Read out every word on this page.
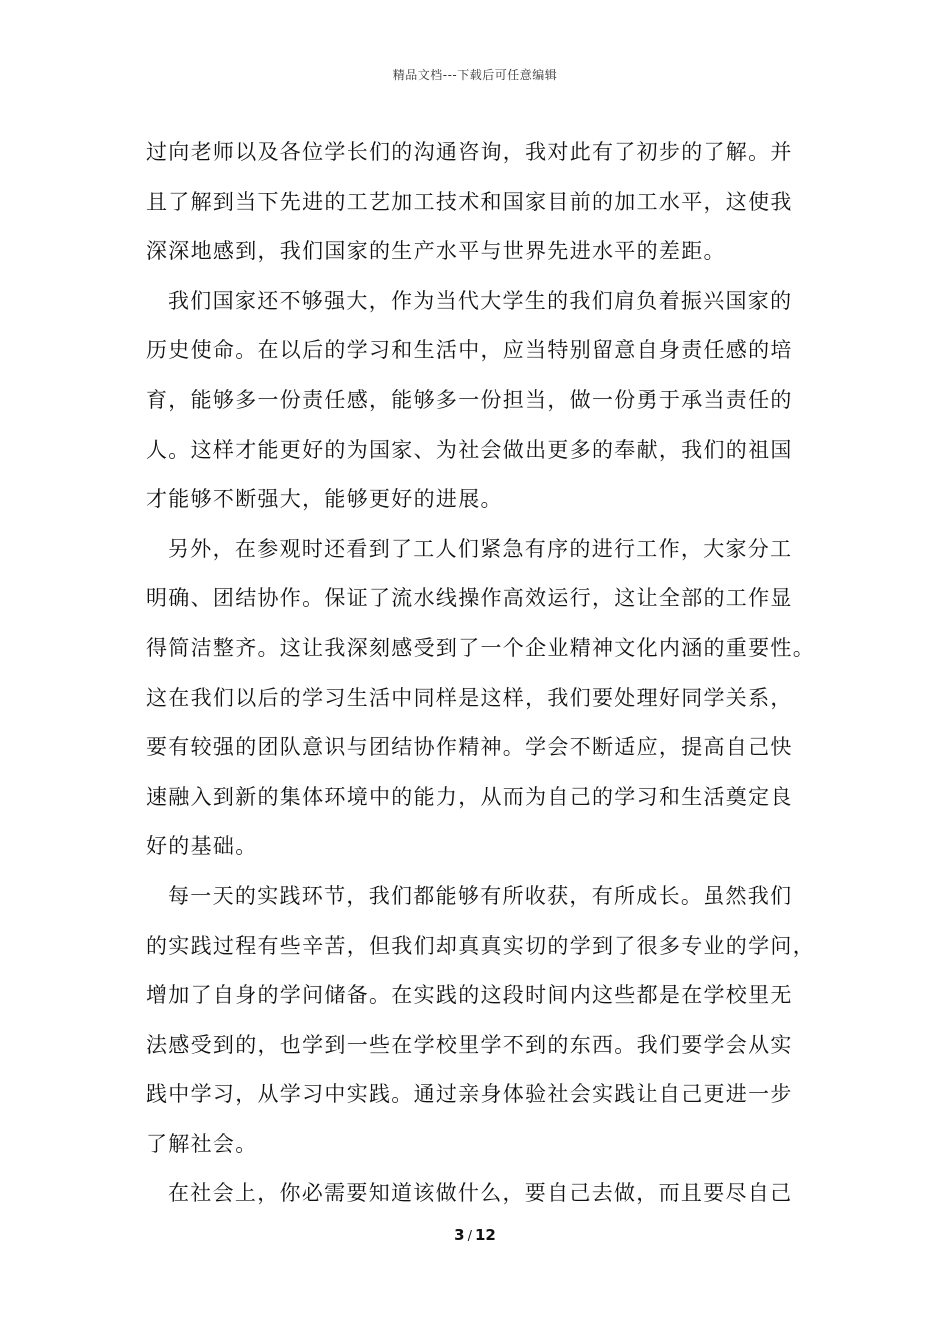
精品文档---下载后可任意编辑
过向老师以及各位学长们的沟通咨询，我对此有了初步的了解。并
且了解到当下先进的工艺加工技术和国家目前的加工水平，这使我
深深地感到，我们国家的生产水平与世界先进水平的差距。
我们国家还不够强大，作为当代大学生的我们肩负着振兴国家的
历史使命。在以后的学习和生活中，应当特别留意自身责任感的培
育，能够多一份责任感，能够多一份担当，做一份勇于承当责任的
人。这样才能更好的为国家、为社会做出更多的奉献，我们的祖国
才能够不断强大，能够更好的进展。
另外，在参观时还看到了工人们紧急有序的进行工作，大家分工
明确、团结协作。保证了流水线操作高效运行，这让全部的工作显
得简洁整齐。这让我深刻感受到了一个企业精神文化内涵的重要性。
这在我们以后的学习生活中同样是这样，我们要处理好同学关系，
要有较强的团队意识与团结协作精神。学会不断适应，提高自己快
速融入到新的集体环境中的能力，从而为自己的学习和生活奠定良
好的基础。
每一天的实践环节，我们都能够有所收获，有所成长。虽然我们
的实践过程有些辛苦，但我们却真真实切的学到了很多专业的学问，
增加了自身的学问储备。在实践的这段时间内这些都是在学校里无
法感受到的，也学到一些在学校里学不到的东西。我们要学会从实
践中学习，从学习中实践。通过亲身体验社会实践让自己更进一步
了解社会。
在社会上，你必需要知道该做什么，要自己去做，而且要尽自己
3 / 12
